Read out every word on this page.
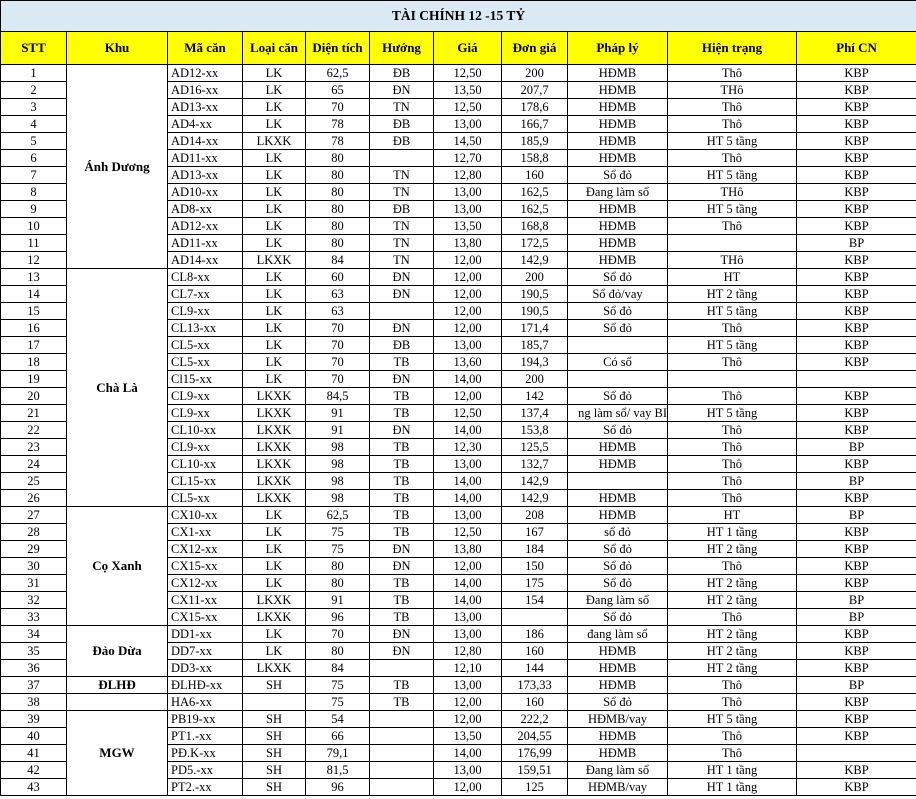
TÀI CHÍNH 12 -15 TỶ										
STT	Khu	Mã căn	Loại căn	Diện tích	Hướng	Giá	Đơn giá	Pháp lý	Hiện trạng	Phí CN
1	Ánh Dương	AD12-xx	LK	62,5	ĐB	12,50	200	HĐMB	Thô	KBP
2		AD16-xx	LK	65	ĐN	13,50	207,7	HĐMB	THô	KBP
3		AD13-xx	LK	70	TN	12,50	178,6	HĐMB	Thô	KBP
4		AD4-xx	LK	78	ĐB	13,00	166,7	HĐMB	Thô	KBP
5		AD14-xx	LKXK	78	ĐB	14,50	185,9	HĐMB	HT 5 tầng	KBP
6		AD11-xx	LK	80		12,70	158,8	HĐMB	Thô	KBP
7		AD13-xx	LK	80	TN	12,80	160	Sổ đỏ	HT 5 tầng	KBP
8		AD10-xx	LK	80	TN	13,00	162,5	Đang làm sổ	THô	KBP
9		AD8-xx	LK	80	ĐB	13,00	162,5	HĐMB	HT 5 tầng	KBP
10		AD12-xx	LK	80	TN	13,50	168,8	HĐMB	Thô	KBP
11		AD11-xx	LK	80	TN	13,80	172,5	HĐMB		BP
12		AD14-xx	LKXK	84	TN	12,00	142,9	HĐMB	THô	KBP
13	Chà Là	CL8-xx	LK	60	ĐN	12,00	200	Sổ đỏ	HT	KBP
14		CL7-xx	LK	63	ĐN	12,00	190,5	Sổ đỏ/vay	HT 2 tầng	KBP
15		CL9-xx	LK	63		12,00	190,5	Sổ đỏ	HT 5 tầng	KBP
16		CL13-xx	LK	70	ĐN	12,00	171,4	Sổ đỏ	Thô	KBP
17		CL5-xx	LK	70	ĐB	13,00	185,7		HT 5 tầng	KBP
18		CL5-xx	LK	70	TB	13,60	194,3	Có sổ	Thô	KBP
19		Cl15-xx	LK	70	ĐN	14,00	200			
20		CL9-xx	LKXK	84,5	TB	12,00	142	Sổ đỏ	Thô	KBP
21		CL9-xx	LKXK	91	TB	12,50	137,4	ng làm sổ/ vay BI	HT 5 tầng	KBP
22		CL10-xx	LKXK	91	ĐN	14,00	153,8	Sổ đỏ	Thô	KBP
23		CL9-xx	LKXK	98	TB	12,30	125,5	HĐMB	Thô	BP
24		CL10-xx	LKXK	98	TB	13,00	132,7	HĐMB	Thô	KBP
25		CL15-xx	LKXK	98	TB	14,00	142,9		Thô	BP
26		CL5-xx	LKXK	98	TB	14,00	142,9	HĐMB	Thô	KBP
27	Cọ Xanh	CX10-xx	LK	62,5	TB	13,00	208	HĐMB	HT	BP
28		CX1-xx	LK	75	TB	12,50	167	sổ đỏ	HT 1 tầng	KBP
29		CX12-xx	LK	75	ĐN	13,80	184	Sổ đỏ	HT 2 tầng	KBP
30		CX15-xx	LK	80	ĐN	12,00	150	Sổ đỏ	Thô	KBP
31		CX12-xx	LK	80	TB	14,00	175	Sổ đỏ	HT 2 tầng	KBP
32		CX11-xx	LKXK	91	TB	14,00	154	Đang làm sổ	HT 2 tầng	BP
33		CX15-xx	LKXK	96	TB	13,00		Sổ đỏ	Thô	BP
34	Đảo Dừa	DD1-xx	LK	70	ĐN	13,00	186	đang làm sổ	HT 2 tầng	KBP
35		DD7-xx	LK	80	ĐN	12,80	160	HĐMB	HT 2 tầng	KBP
36		DD3-xx	LKXK	84		12,10	144	HĐMB	HT 2 tầng	KBP
37	ĐLHĐ	ĐLHĐ-xx	SH	75	TB	13,00	173,33	HĐMB	Thô	BP
38		HA6-xx		75	TB	12,00	160	Sổ đỏ	Thô	KBP
39	MGW	PB19-xx	SH	54		12,00	222,2	HĐMB/vay	HT 5 tầng	KBP
40		PT1.-xx	SH	66		13,50	204,55	HĐMB	Thô	KBP
41		PĐ.K-xx	SH	79,1		14,00	176,99	HĐMB	Thô	
42		PD5.-xx	SH	81,5		13,00	159,51	Đang làm sổ	HT 1 tầng	KBP
43		PT2.-xx	SH	96		12,00	125	HĐMB/vay	HT 1 tầng	KBP
